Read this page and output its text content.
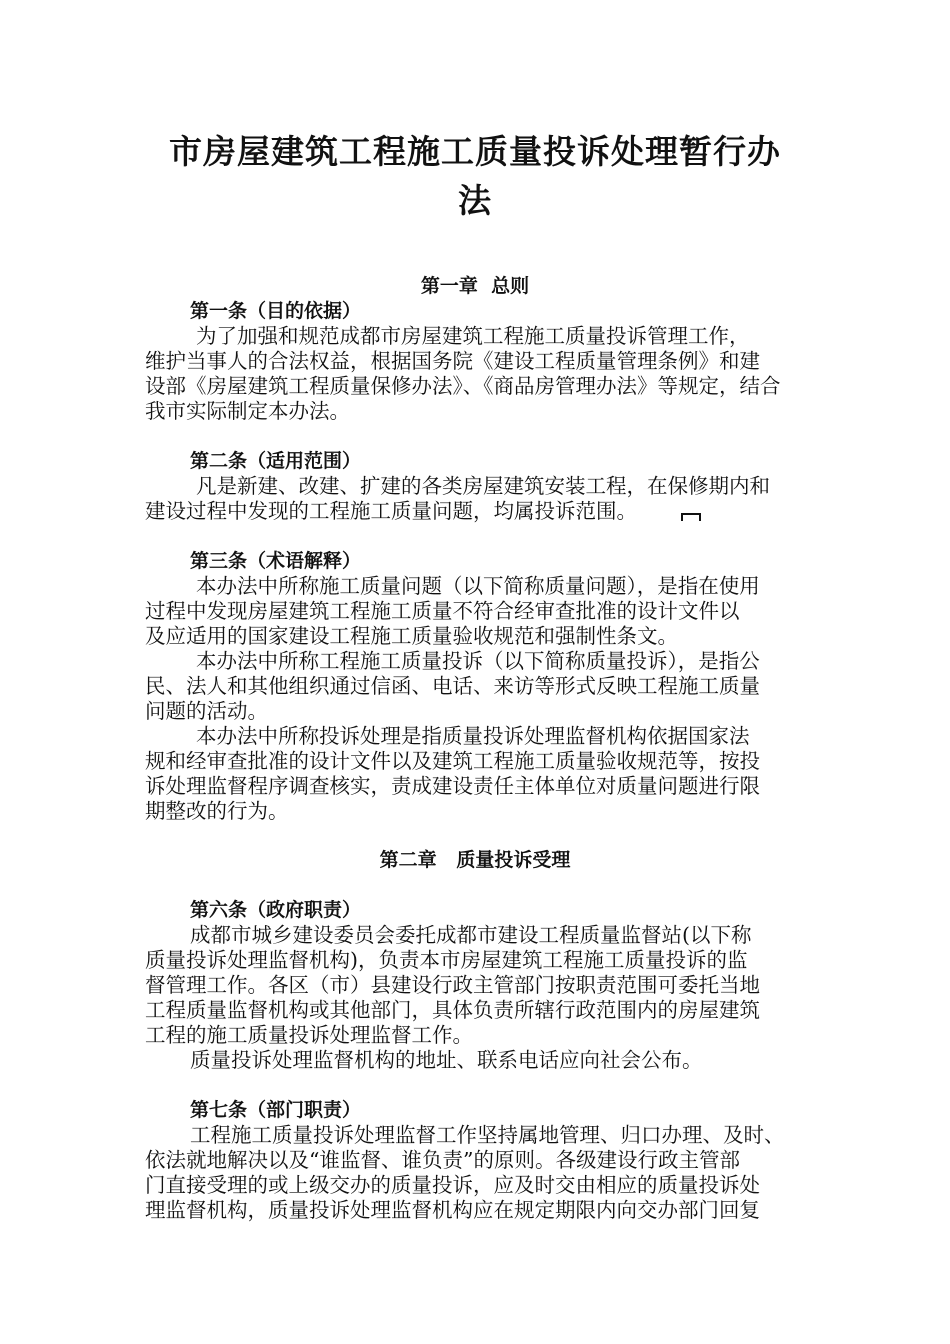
市房屋建筑工程施工质量投诉处理暂行办
法
第一章  总则
第一条（目的依据）
为了加强和规范成都市房屋建筑工程施工质量投诉管理工作，
维护当事人的合法权益，根据国务院《建设工程质量管理条例》和建
设部《房屋建筑工程质量保修办法》、《商品房管理办法》等规定，结合
我市实际制定本办法。
第二条（适用范围）
凡是新建、改建、扩建的各类房屋建筑安装工程，在保修期内和
建设过程中发现的工程施工质量问题，均属投诉范围。
第三条（术语解释）
本办法中所称施工质量问题（以下简称质量问题），是指在使用
过程中发现房屋建筑工程施工质量不符合经审查批准的设计文件以
及应适用的国家建设工程施工质量验收规范和强制性条文。
本办法中所称工程施工质量投诉（以下简称质量投诉），是指公
民、法人和其他组织通过信函、电话、来访等形式反映工程施工质量
问题的活动。
本办法中所称投诉处理是指质量投诉处理监督机构依据国家法
规和经审查批准的设计文件以及建筑工程施工质量验收规范等，按投
诉处理监督程序调查核实，责成建设责任主体单位对质量问题进行限
期整改的行为。
第二章   质量投诉受理
第六条（政府职责）
成都市城乡建设委员会委托成都市建设工程质量监督站(以下称
质量投诉处理监督机构)，负责本市房屋建筑工程施工质量投诉的监
督管理工作。各区（市）县建设行政主管部门按职责范围可委托当地
工程质量监督机构或其他部门，具体负责所辖行政范围内的房屋建筑
工程的施工质量投诉处理监督工作。
质量投诉处理监督机构的地址、联系电话应向社会公布。
第七条（部门职责）
工程施工质量投诉处理监督工作坚持属地管理、归口办理、及时、
依法就地解决以及“谁监督、谁负责”的原则。各级建设行政主管部
门直接受理的或上级交办的质量投诉，应及时交由相应的质量投诉处
理监督机构，质量投诉处理监督机构应在规定期限内向交办部门回复
